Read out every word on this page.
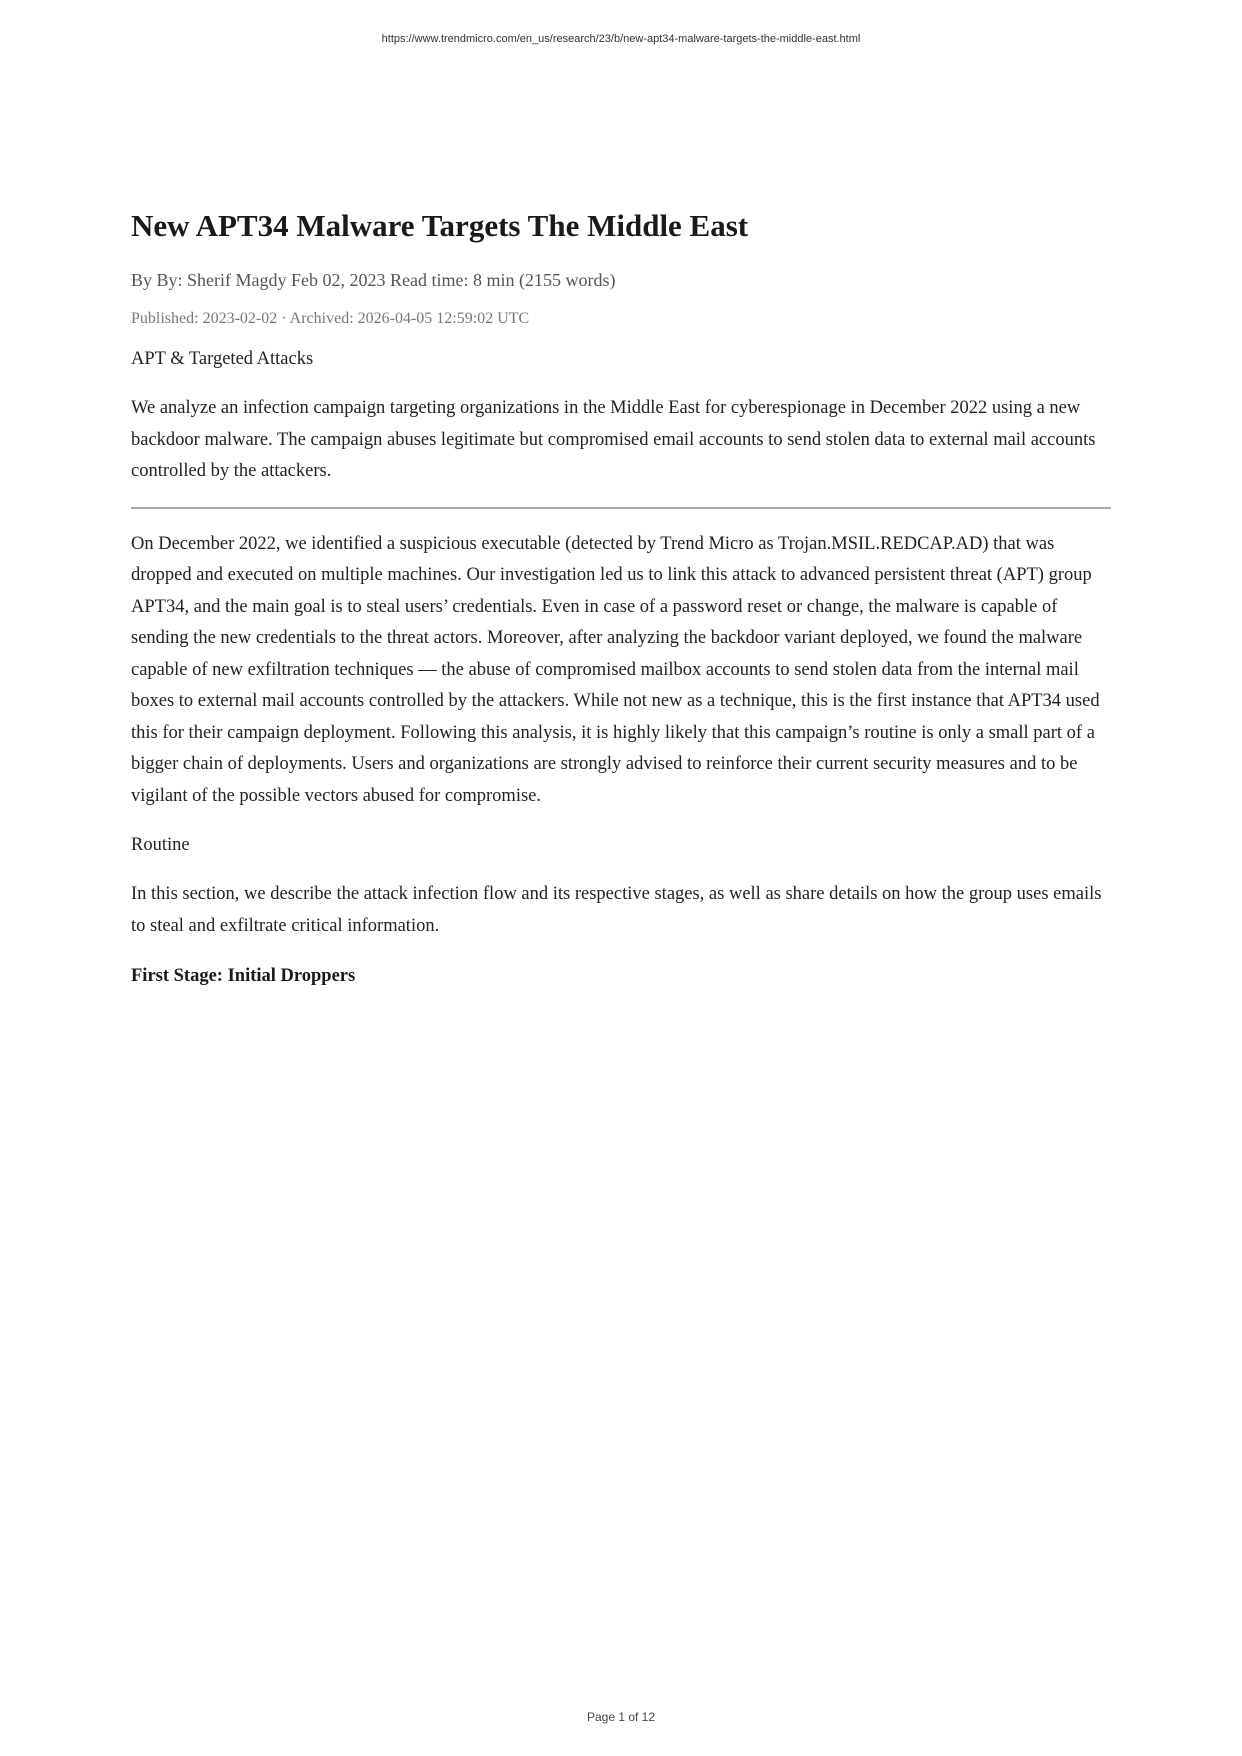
https://www.trendmicro.com/en_us/research/23/b/new-apt34-malware-targets-the-middle-east.html
New APT34 Malware Targets The Middle East

By By: Sherif Magdy Feb 02, 2023 Read time: 8 min (2155 words)

Published: 2023-02-02 · Archived: 2026-04-05 12:59:02 UTC

APT & Targeted Attacks

We analyze an infection campaign targeting organizations in the Middle East for cyberespionage in December 2022 using a new backdoor malware. The campaign abuses legitimate but compromised email accounts to send stolen data to external mail accounts controlled by the attackers.

On December 2022, we identified a suspicious executable (detected by Trend Micro as Trojan.MSIL.REDCAP.AD) that was dropped and executed on multiple machines. Our investigation led us to link this attack to advanced persistent threat (APT) group APT34, and the main goal is to steal users’ credentials. Even in case of a password reset or change, the malware is capable of sending the new credentials to the threat actors. Moreover, after analyzing the backdoor variant deployed, we found the malware capable of new exfiltration techniques — the abuse of compromised mailbox accounts to send stolen data from the internal mail boxes to external mail accounts controlled by the attackers. While not new as a technique, this is the first instance that APT34 used this for their campaign deployment. Following this analysis, it is highly likely that this campaign’s routine is only a small part of a bigger chain of deployments. Users and organizations are strongly advised to reinforce their current security measures and to be vigilant of the possible vectors abused for compromise.

Routine

In this section, we describe the attack infection flow and its respective stages, as well as share details on how the group uses emails to steal and exfiltrate critical information.

First Stage: Initial Droppers
Page 1 of 12
